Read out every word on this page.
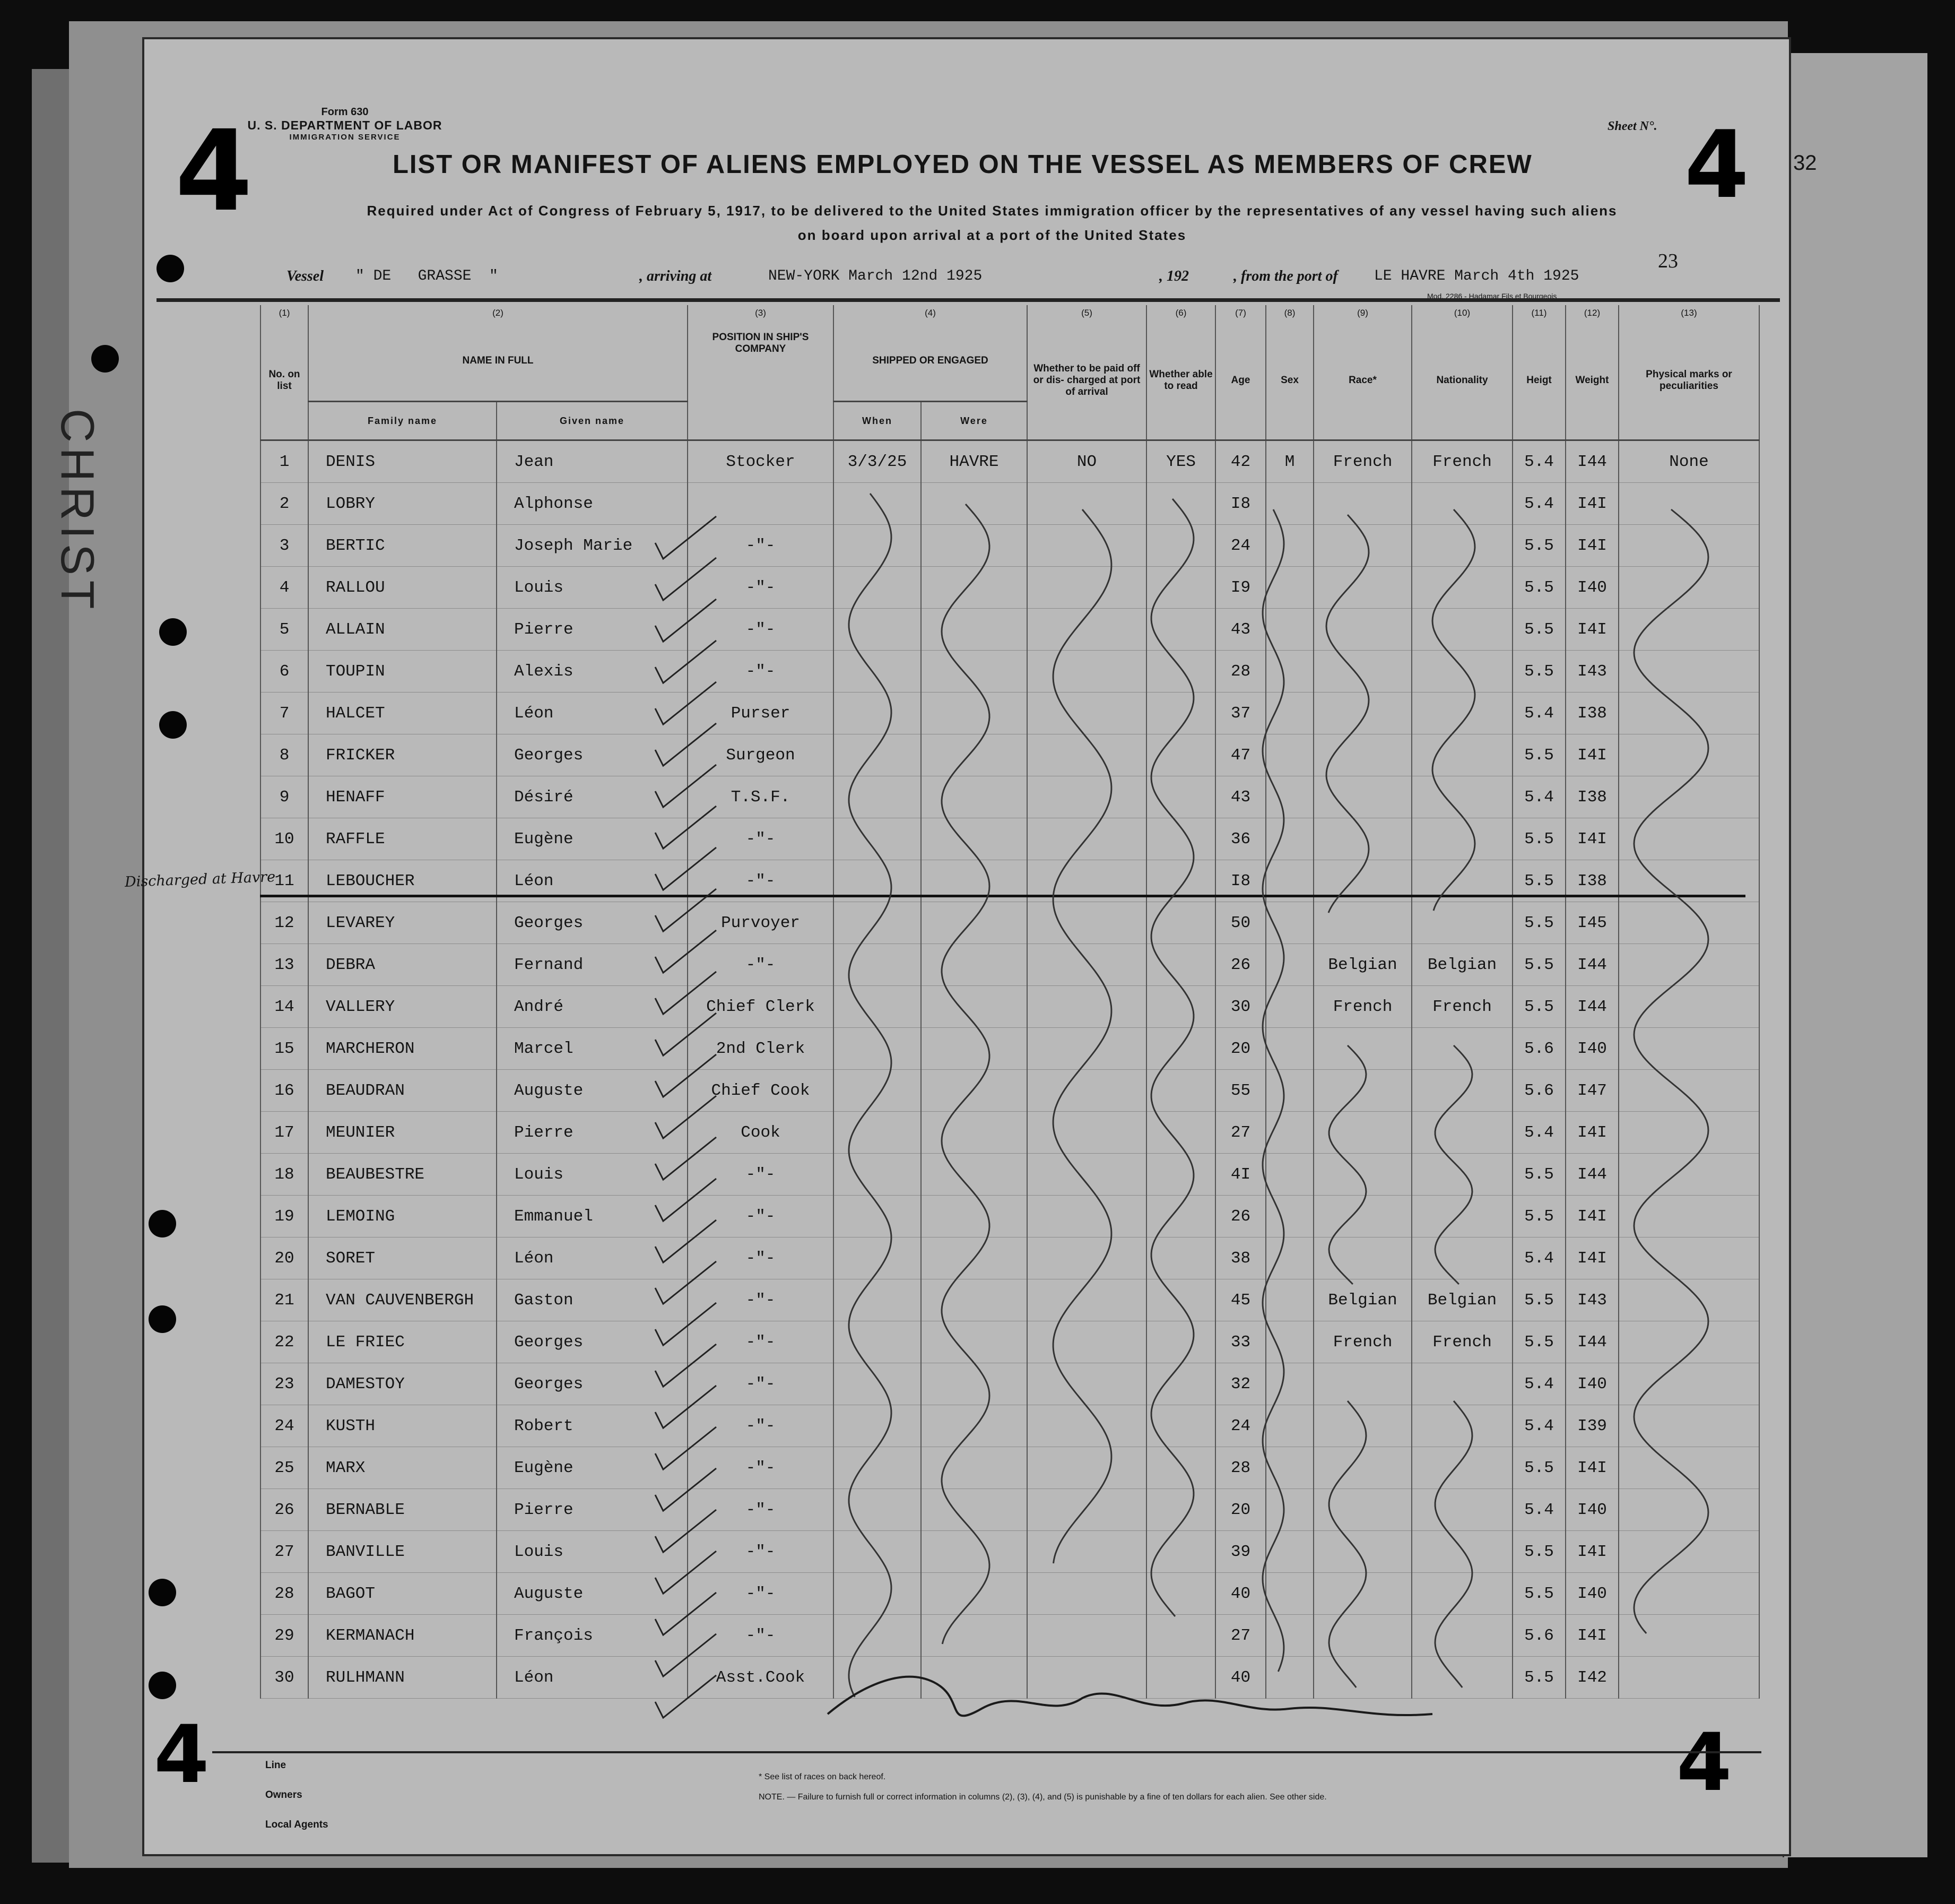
CHRIST
Form 630
U. S. DEPARTMENT OF LABOR
IMMIGRATION SERVICE
4	Sheet N°. 4 32
LIST OR MANIFEST OF ALIENS EMPLOYED ON THE VESSEL AS MEMBERS OF CREW
Required under Act of Congress of February 5, 1917, to be delivered to the United States immigration officer by the representatives of any vessel having such aliens
on board upon arrival at a port of the United States
23
Vessel " DE   GRASSE  "	, arriving at	NEW-YORK March 12nd 1925	, 192	, from the port of LE HAVRE March 4th 1925
Mod. 2286 - Hadamar Fils et Bourgeois
(1)	(2)		(3)	(4)		(5)	(6)	(7)	(8)	(9)	(10)	(11)	(12)	(13)
No. on list	NAME IN FULL		POSITION IN SHIP'S COMPANY	SHIPPED OR ENGAGED		Whether to be paid off or dis- charged at port of arrival	Whether able to read	Age	Sex	Race*	Nationality	Heigt	Weight	Physical marks or peculiarities
	Family name	Given name		When	Were									
1	DENIS	Jean	Stocker	3/3/25	HAVRE	NO	YES	42	M	French	French	5.4	I44	None
2	LOBRY	Alphonse						I8				5.4	I4I	
3	BERTIC	Joseph Marie	-"-					24				5.5	I4I	
4	RALLOU	Louis	-"-					I9				5.5	I40	
5	ALLAIN	Pierre	-"-					43				5.5	I4I	
6	TOUPIN	Alexis	-"-					28				5.5	I43	
7	HALCET	Léon	Purser					37				5.4	I38	
8	FRICKER	Georges	Surgeon					47				5.5	I4I	
9	HENAFF	Désiré	T.S.F.					43				5.4	I38	
10	RAFFLE	Eugène	-"-					36				5.5	I4I	
11	LEBOUCHER	Léon	-"-					I8				5.5	I38	
12	LEVAREY	Georges	Purvoyer					50				5.5	I45	
13	DEBRA	Fernand	-"-					26		Belgian	Belgian	5.5	I44	
14	VALLERY	André	Chief Clerk					30		French	French	5.5	I44	
15	MARCHERON	Marcel	2nd Clerk					20				5.6	I40	
16	BEAUDRAN	Auguste	Chief Cook					55				5.6	I47	
17	MEUNIER	Pierre	Cook					27				5.4	I4I	
18	BEAUBESTRE	Louis	-"-					4I				5.5	I44	
19	LEMOING	Emmanuel	-"-					26				5.5	I4I	
20	SORET	Léon	-"-					38				5.4	I4I	
21	VAN CAUVENBERGH	Gaston	-"-					45		Belgian	Belgian	5.5	I43	
22	LE FRIEC	Georges	-"-					33		French	French	5.5	I44	
23	DAMESTOY	Georges	-"-					32				5.4	I40	
24	KUSTH	Robert	-"-					24				5.4	I39	
25	MARX	Eugène	-"-					28				5.5	I4I	
26	BERNABLE	Pierre	-"-					20				5.4	I40	
27	BANVILLE	Louis	-"-					39				5.5	I4I	
28	BAGOT	Auguste	-"-					40				5.5	I40	
29	KERMANACH	François	-"-					27				5.6	I4I	
30	RULHMANN	Léon	Asst.Cook					40				5.5	I42	
Discharged at Havre
4	4
Line
Owners
Local Agents
* See list of races on back hereof.
NOTE. — Failure to furnish full or correct information in columns (2), (3), (4), and (5) is punishable by a fine of ten dollars for each alien. See other side.
